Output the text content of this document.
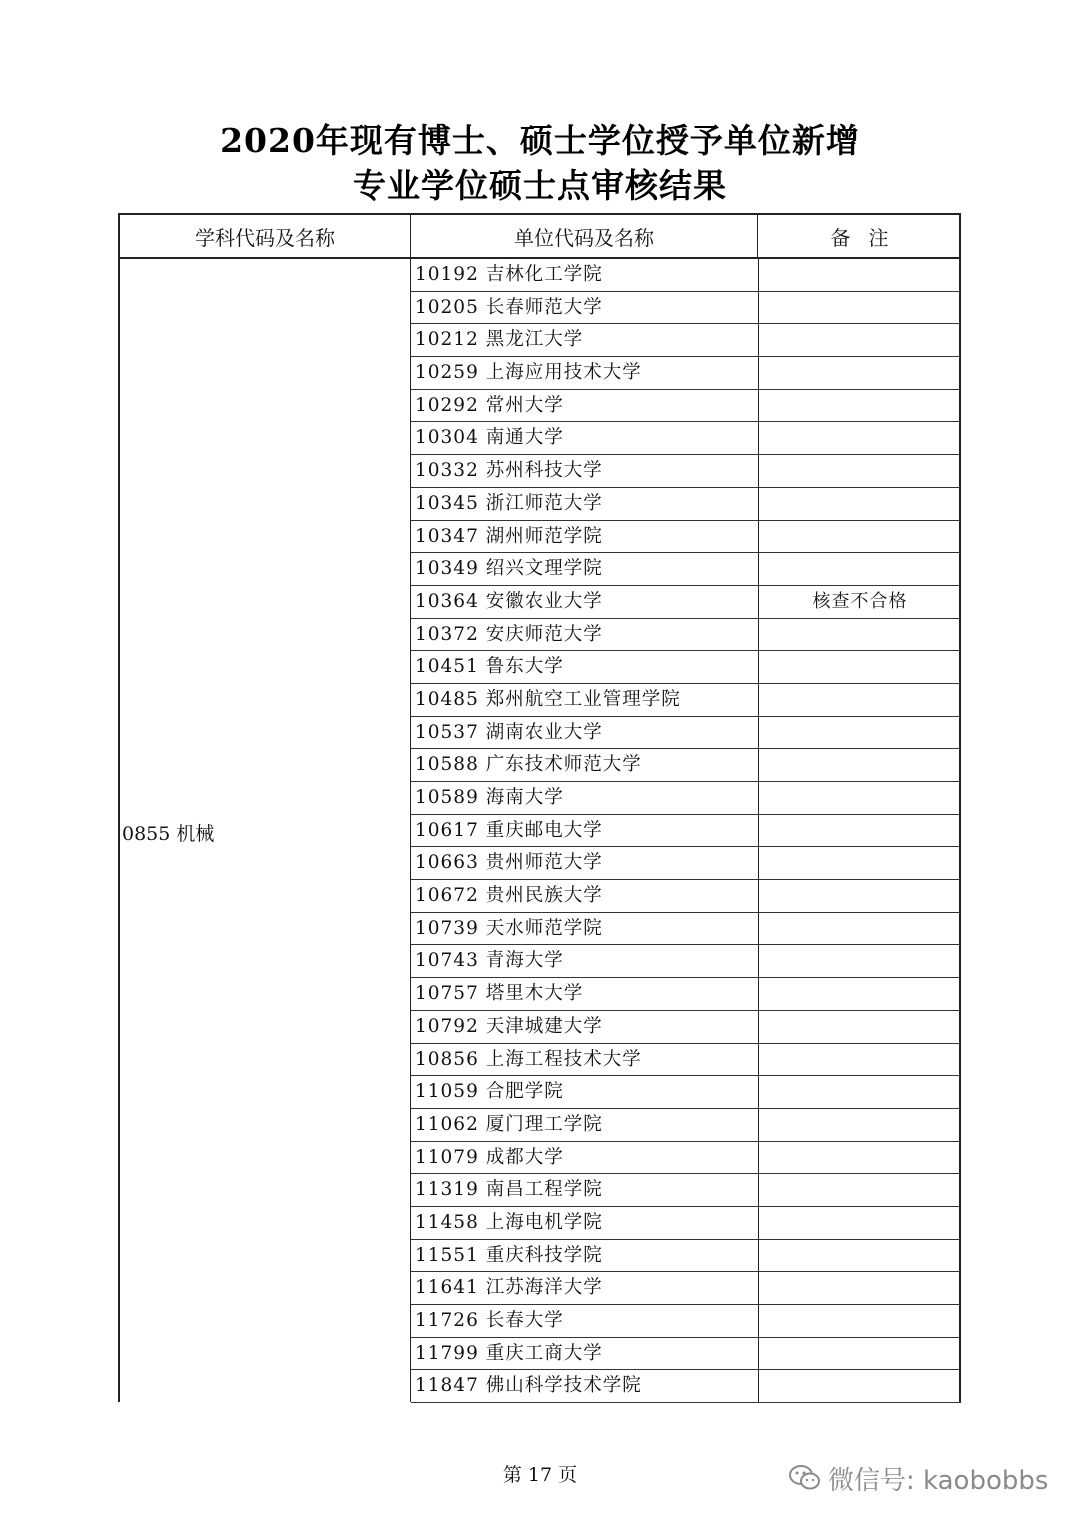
2020年现有博士、硕士学位授予单位新增
专业学位硕士点审核结果
学科代码及名称	单位代码及名称	备注
0855 机械
10192 吉林化工学院
10205 长春师范大学
10212 黑龙江大学
10259 上海应用技术大学
10292 常州大学
10304 南通大学
10332 苏州科技大学
10345 浙江师范大学
10347 湖州师范学院
10349 绍兴文理学院
10364 安徽农业大学	核查不合格
10372 安庆师范大学
10451 鲁东大学
10485 郑州航空工业管理学院
10537 湖南农业大学
10588 广东技术师范大学
10589 海南大学
10617 重庆邮电大学
10663 贵州师范大学
10672 贵州民族大学
10739 天水师范学院
10743 青海大学
10757 塔里木大学
10792 天津城建大学
10856 上海工程技术大学
11059 合肥学院
11062 厦门理工学院
11079 成都大学
11319 南昌工程学院
11458 上海电机学院
11551 重庆科技学院
11641 江苏海洋大学
11726 长春大学
11799 重庆工商大学
11847 佛山科学技术学院
第 17 页	微信号: kaobobbs
